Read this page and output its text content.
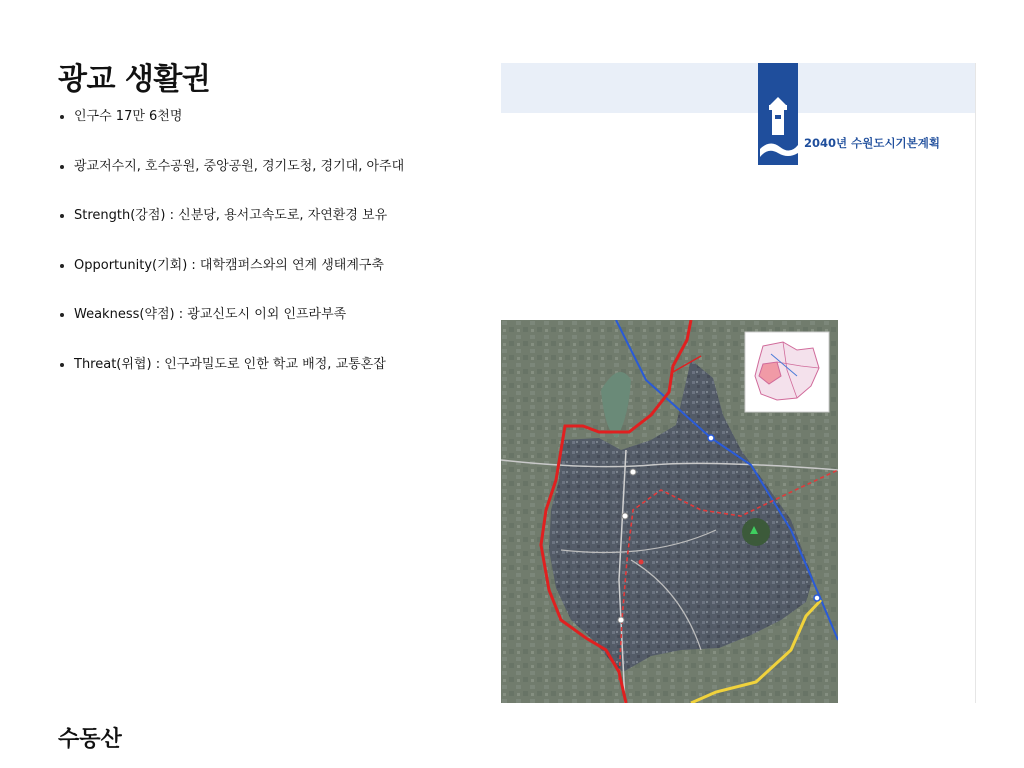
광교 생활권
인구수 17만 6천명
광교저수지, 호수공원, 중앙공원, 경기도청, 경기대, 아주대
Strength(강점) : 신분당, 용서고속도로, 자연환경 보유
Opportunity(기회) : 대학캠퍼스와의 연계 생태계구축
Weakness(약점) : 광교신도시 이외 인프라부족
Threat(위협) : 인구과밀도로 인한 학교 배정, 교통혼잡
2040년 수원도시기본계획
수동산
